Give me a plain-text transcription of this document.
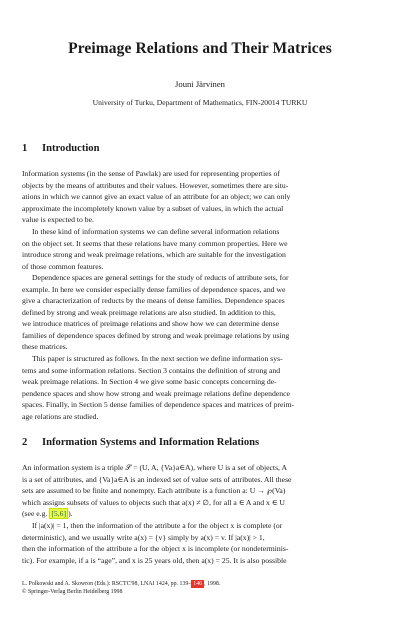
Preimage Relations and Their Matrices
Jouni Järvinen
University of Turku, Department of Mathematics, FIN-20014 TURKU
1 Introduction
Information systems (in the sense of Pawlak) are used for representing properties of
objects by the means of attributes and their values. However, sometimes there are situ-
ations in which we cannot give an exact value of an attribute for an object; we can only
approximate the incompletely known value by a subset of values, in which the actual
value is expected to be.
In these kind of information systems we can define several information relations
on the object set. It seems that these relations have many common properties. Here we
introduce strong and weak preimage relations, which are suitable for the investigation
of those common features.
Dependence spaces are general settings for the study of reducts of attribute sets, for
example. In here we consider especially dense families of dependence spaces, and we
give a characterization of reducts by the means of dense families. Dependence spaces
defined by strong and weak preimage relations are also studied. In addition to this,
we introduce matrices of preimage relations and show how we can determine dense
families of dependence spaces defined by strong and weak preimage relations by using
these matrices.
This paper is structured as follows. In the next section we define information sys-
tems and some information relations. Section 3 contains the definition of strong and
weak preimage relations. In Section 4 we give some basic concepts concerning de-
pendence spaces and show how strong and weak preimage relations define dependence
spaces. Finally, in Section 5 dense families of dependence spaces and matrices of preim-
age relations are studied.
2 Information Systems and Information Relations
An information system is a triple 𝒮 = (U, A, {Va}a∈A), where U is a set of objects, A
is a set of attributes, and {Va}a∈A is an indexed set of value sets of attributes. All these
sets are assumed to be finite and nonempty. Each attribute is a function a: U → ℘(Va)
which assigns subsets of values to objects such that a(x) ≠ ∅, for all a ∈ A and x ∈ U
(see e.g. [5,6] ).
If |a(x)| = 1, then the information of the attribute a for the object x is complete (or
deterministic), and we usually write a(x) = {v} simply by a(x) = v. If |a(x)| > 1,
then the information of the attribute a for the object x is incomplete (or nondeterminis-
tic). For example, if a is “age”, and x is 25 years old, then a(x) = 25. It is also possible
L. Polkowski and A. Skowron (Eds.): RSCTC'98, LNAI 1424, pp. 139– 146 , 1998.
© Springer-Verlag Berlin Heidelberg 1998
